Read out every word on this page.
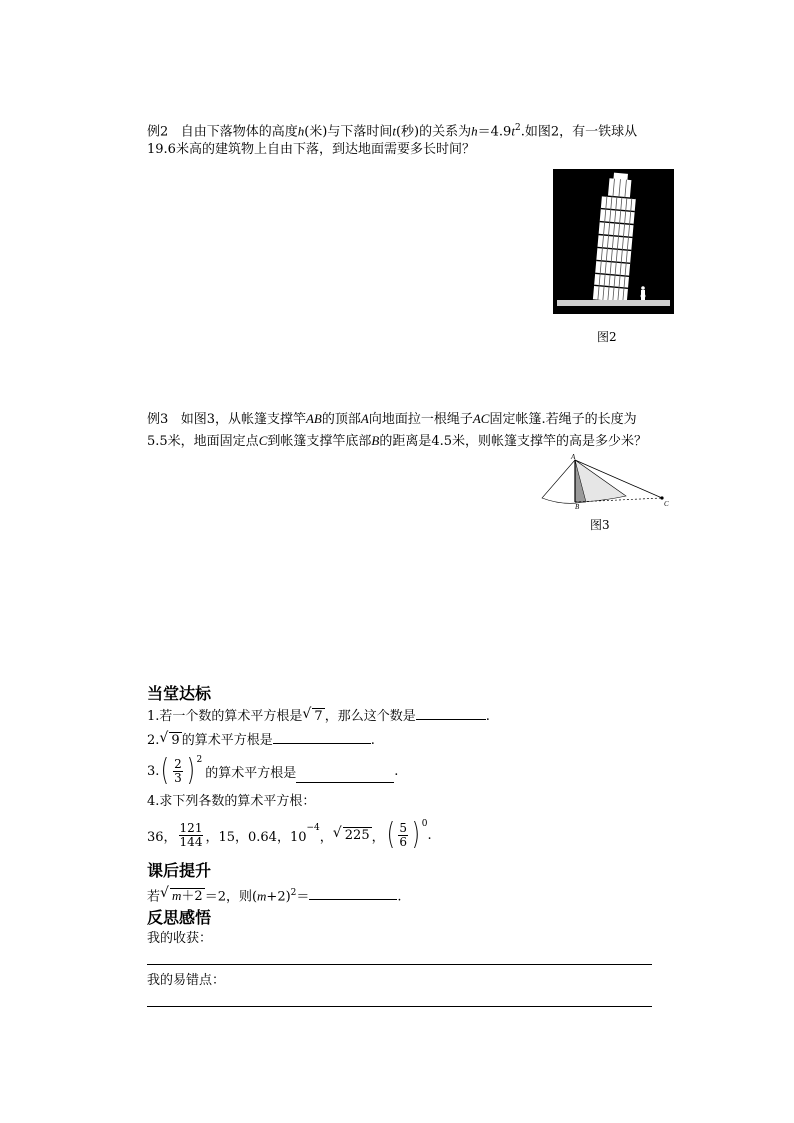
例2 自由下落物体的高度h(米)与下落时间t(秒)的关系为$h=4.9t^2$.如图2，有一铁球从
19.6米高的建筑物上自由下落，到达地面需要多长时间？
图2
例3 如图3，从帐篷支撑竿AB的顶部A向地面拉一根绳子AC固定帐篷.若绳子的长度为
5.5米，地面固定点C到帐篷支撑竿底部B的距离是4.5米，则帐篷支撑竿的高是多少米？
A
B	C
图3
当堂达标
1.若一个数的算术平方根是 √ 7 ，那么这个数是	.
2. √ 9 的算术平方根是	.
3. ( $\frac{2}{3} )^2$
的算术平方根是	.
4.求下列各数的算术平方根：
36， $\frac{121}{144}$ ，15，0.64，10
$^{-4}$
， √ 225 ， ( $\frac{5}{6} )^0$
.
课后提升
若 √ m＋2 ＝2，则$(m+2)^2=$	.
反思感悟
我的收获：
我的易错点：
